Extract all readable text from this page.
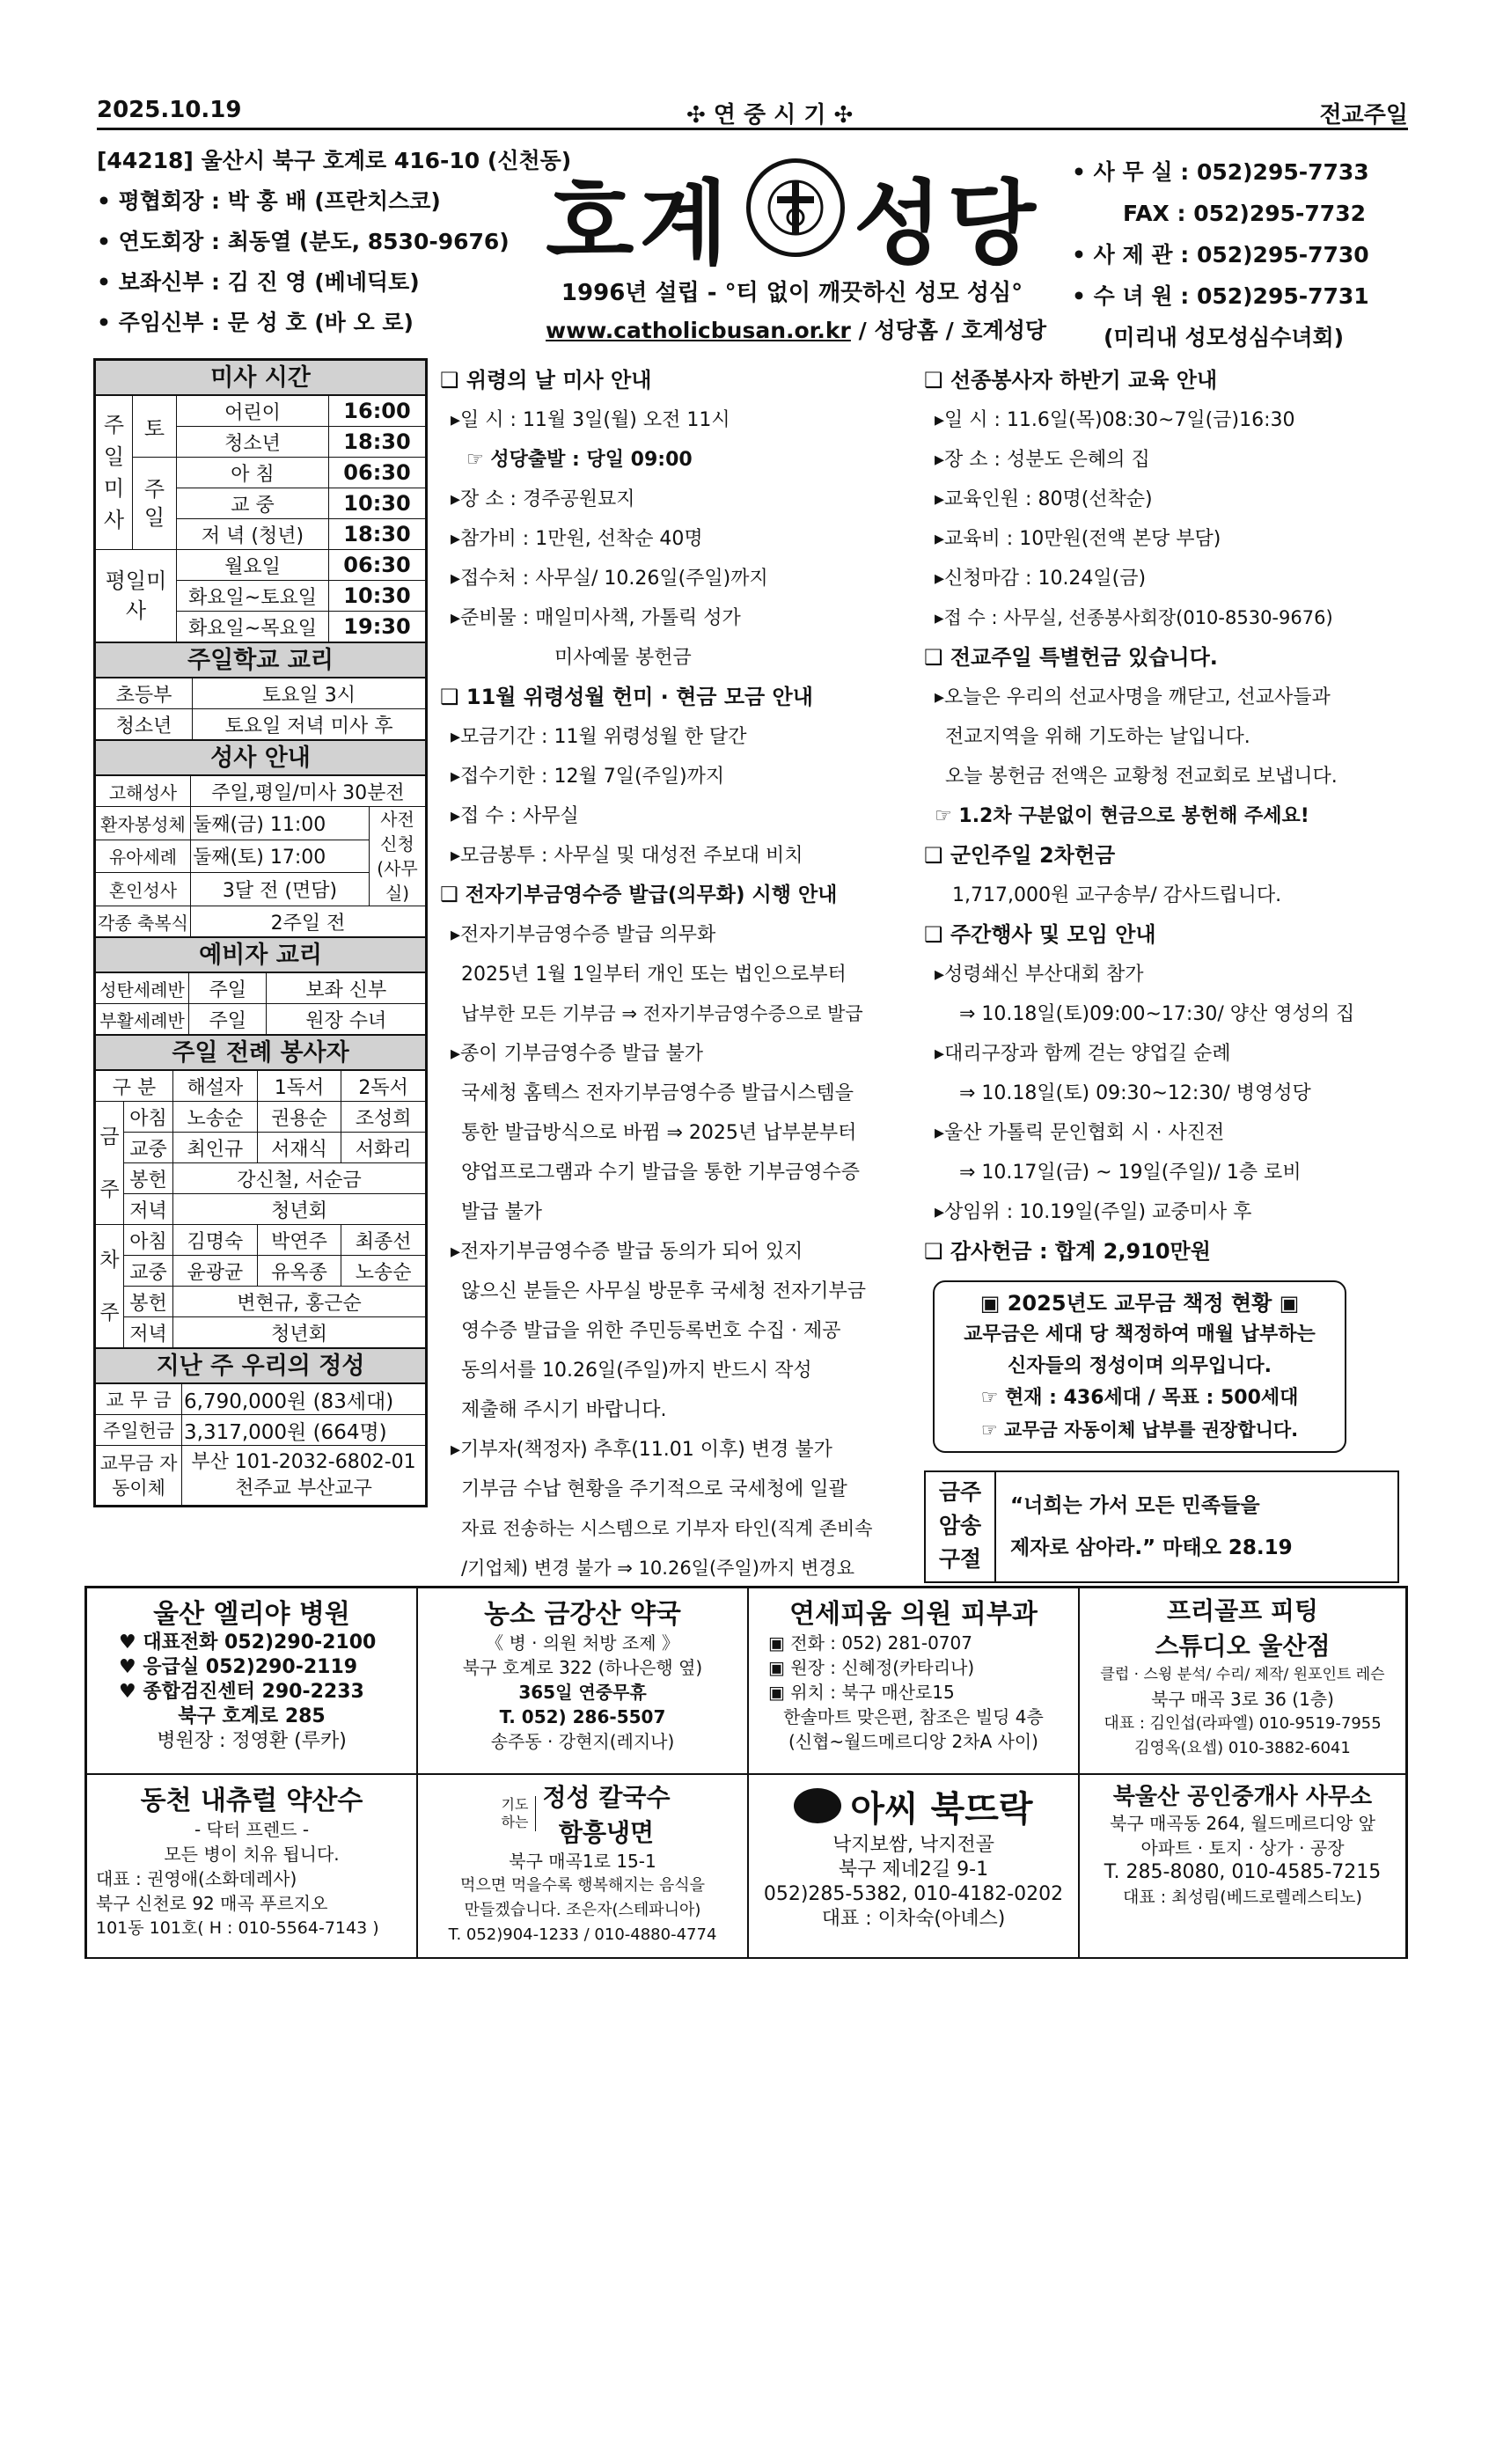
2025.10.19	✣ 연 중 시 기 ✣	전교주일
[44218] 울산시 북구 호계로 416-10 (신천동)
• 평협회장 : 박 홍 배 (프란치스코)
• 연도회장 : 최동열 (분도, 8530-9676)
• 보좌신부 : 김 진 영 (베네딕토)
• 주임신부 : 문 성 호 (바 오 로)
호계 성당
1996년 설립 - °티 없이 깨끗하신 성모 성심°
www.catholicbusan.or.kr / 성당홈 / 호계성당
• 사 무 실 : 052)295-7733
FAX : 052)295-7732
• 사 제 관 : 052)295-7730
• 수 녀 원 : 052)295-7731
(미리내 성모성심수녀회)
미사 시간
주일미사	토	어린이	16:00
		청소년	18:30
	주일	아 침	06:30
		교 중	10:30
		저 녁 (청년)	18:30
평일미사		월요일	06:30
		화요일~토요일	10:30
		화요일~목요일	19:30
주일학교 교리
초등부	토요일 3시
청소년	토요일 저녁 미사 후
성사 안내
고해성사	주일,평일/미사 30분전	
환자봉성체	둘째(금) 11:00	사전 신청 (사무실)
유아세례	둘째(토) 17:00	
혼인성사	3달 전 (면담)	
각종 축복식	2주일 전	
예비자 교리
성탄세례반	주일	보좌 신부
부활세례반	주일	원장 수녀
주일 전례 봉사자
구 분		해설자	1독서	2독서
금 주	아침	노송순	권용순	조성희
	교중	최인규	서재식	서화리
	봉헌	강신철, 서순금		
	저녁	청년회		
차 주	아침	김명숙	박연주	최종선
	교중	윤광균	유옥종	노송순
	봉헌	변현규, 홍근순		
	저녁	청년회		
지난 주 우리의 정성
교 무 금	6,790,000원 (83세대)
주일헌금	3,317,000원 (664명)
교무금 자동이체	부산 101-2032-6802-01 천주교 부산교구
❑ 위령의 날 미사 안내
▸일 시 : 11월 3일(월) 오전 11시
☞ 성당출발 : 당일 09:00
▸장 소 : 경주공원묘지
▸참가비 : 1만원, 선착순 40명
▸접수처 : 사무실/ 10.26일(주일)까지
▸준비물 : 매일미사책, 가톨릭 성가
미사예물 봉헌금
❑ 11월 위령성월 헌미 · 현금 모금 안내
▸모금기간 : 11월 위령성월 한 달간
▸접수기한 : 12월 7일(주일)까지
▸접 수 : 사무실
▸모금봉투 : 사무실 및 대성전 주보대 비치
❑ 전자기부금영수증 발급(의무화) 시행 안내
▸전자기부금영수증 발급 의무화
2025년 1월 1일부터 개인 또는 법인으로부터
납부한 모든 기부금 ⇒ 전자기부금영수증으로 발급
▸종이 기부금영수증 발급 불가
국세청 홈텍스 전자기부금영수증 발급시스템을
통한 발급방식으로 바뀜 ⇒ 2025년 납부분부터
양업프로그램과 수기 발급을 통한 기부금영수증
발급 불가
▸전자기부금영수증 발급 동의가 되어 있지
않으신 분들은 사무실 방문후 국세청 전자기부금
영수증 발급을 위한 주민등록번호 수집 · 제공
동의서를 10.26일(주일)까지 반드시 작성
제출해 주시기 바랍니다.
▸기부자(책정자) 추후(11.01 이후) 변경 불가
기부금 수납 현황을 주기적으로 국세청에 일괄
자료 전송하는 시스템으로 기부자 타인(직계 존비속
/기업체) 변경 불가 ⇒ 10.26일(주일)까지 변경요
❑ 선종봉사자 하반기 교육 안내
▸일 시 : 11.6일(목)08:30~7일(금)16:30
▸장 소 : 성분도 은혜의 집
▸교육인원 : 80명(선착순)
▸교육비 : 10만원(전액 본당 부담)
▸신청마감 : 10.24일(금)
▸접 수 : 사무실, 선종봉사회장(010-8530-9676)
❑ 전교주일 특별헌금 있습니다.
▸오늘은 우리의 선교사명을 깨닫고, 선교사들과
전교지역을 위해 기도하는 날입니다.
오늘 봉헌금 전액은 교황청 전교회로 보냅니다.
☞ 1.2차 구분없이 현금으로 봉헌해 주세요!
❑ 군인주일 2차헌금
1,717,000원 교구송부/ 감사드립니다.
❑ 주간행사 및 모임 안내
▸성령쇄신 부산대회 참가
⇒ 10.18일(토)09:00~17:30/ 양산 영성의 집
▸대리구장과 함께 걷는 양업길 순례
⇒ 10.18일(토) 09:30~12:30/ 병영성당
▸울산 가톨릭 문인협회 시 · 사진전
⇒ 10.17일(금) ~ 19일(주일)/ 1층 로비
▸상임위 : 10.19일(주일) 교중미사 후
❑ 감사헌금 : 합계 2,910만원
▣ 2025년도 교무금 책정 현황 ▣
교무금은 세대 당 책정하여 매월 납부하는
신자들의 정성이며 의무입니다.
☞ 현재 : 436세대 / 목표 : 500세대
☞ 교무금 자동이체 납부를 권장합니다.
금주 암송 구절
“너희는 가서 모든 민족들을
제자로 삼아라.” 마태오 28.19
울산 엘리야 병원
♥ 대표전화 052)290-2100
♥ 응급실 052)290-2119
♥ 종합검진센터 290-2233
북구 호계로 285
병원장 : 정영환 (루카)
농소 금강산 약국
《 병 · 의원 처방 조제 》
북구 호계로 322 (하나은행 옆)
365일 연중무휴
T. 052) 286-5507
송주동 · 강현지(레지나)
연세피움 의원 피부과
▣ 전화 : 052) 281-0707
▣ 원장 : 신혜정(카타리나)
▣ 위치 : 북구 매산로15
한솔마트 맞은편, 참조은 빌딩 4층
(신협~월드메르디앙 2차A 사이)
프리골프 피팅
스튜디오 울산점
클럽 · 스윙 분석/ 수리/ 제작/ 원포인트 레슨
북구 매곡 3로 36 (1층)
대표 : 김인섭(라파엘) 010-9519-7955
김영옥(요셉) 010-3882-6041
동천 내츄럴 약산수
- 닥터 프렌드 -
모든 병이 치유 됩니다.
대표 : 권영애(소화데레사)
북구 신천로 92 매곡 푸르지오
101동 101호( H : 010-5564-7143 )
기도하는
정성 칼국수
함흥냉면
북구 매곡1로 15-1
먹으면 먹을수록 행복해지는 음식을
만들겠습니다. 조은자(스테파니아)
T. 052)904-1233 / 010-4880-4774
아씨 북뜨락
낙지보쌈, 낙지전골
북구 제네2길 9-1
052)285-5382, 010-4182-0202
대표 : 이차숙(아녜스)
북울산 공인중개사 사무소
북구 매곡동 264, 월드메르디앙 앞
아파트 · 토지 · 상가 · 공장
T. 285-8080, 010-4585-7215
대표 : 최성림(베드로렐레스티노)
